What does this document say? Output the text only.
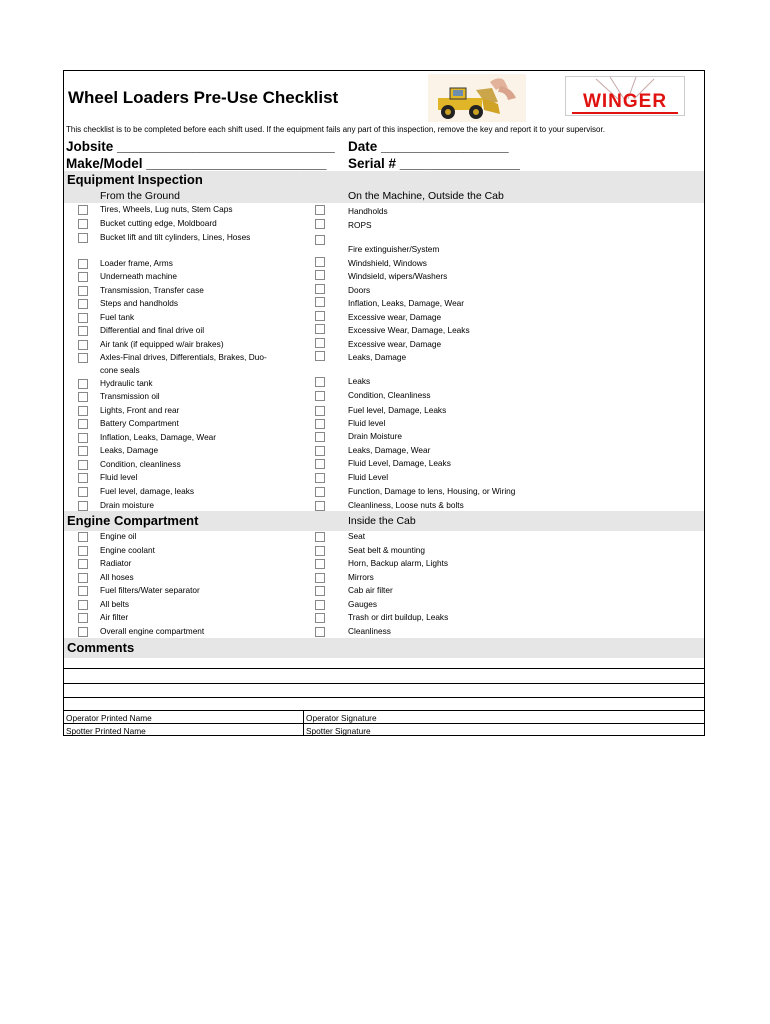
Wheel Loaders Pre-Use Checklist	WINGER
This checklist is to be completed before each shift used. If the equipment fails any part of this inspection, remove the key and report it to your supervisor.
Jobsite _____________________________ Date _________________
Make/Model ________________________ Serial # ________________
Equipment Inspection
From the Ground	On the Machine, Outside the Cab
Tires, Wheels, Lug nuts, Stem Caps
Bucket cutting edge, Moldboard
Bucket lift and tilt cylinders, Lines, Hoses
Loader frame, Arms
Underneath machine
Transmission, Transfer case
Steps and handholds
Fuel tank
Differential and final drive oil
Air tank (if equipped w/air brakes)
Axles-Final drives, Differentials, Brakes, Duo-
cone seals
Hydraulic tank
Transmission oil
Lights, Front and rear
Battery Compartment
Inflation, Leaks, Damage, Wear
Leaks, Damage
Condition, cleanliness
Fluid level
Fuel level, damage, leaks
Drain moisture
Handholds
ROPS
Fire extinguisher/System
Windshield, Windows
Windsield, wipers/Washers
Doors
Inflation, Leaks, Damage, Wear
Excessive wear, Damage
Excessive Wear, Damage, Leaks
Excessive wear, Damage
Leaks, Damage
Leaks
Condition, Cleanliness
Fuel level, Damage, Leaks
Fluid level
Drain Moisture
Leaks, Damage, Wear
Fluid Level, Damage, Leaks
Fluid Level
Function, Damage to lens, Housing, or Wiring
Cleanliness, Loose nuts & bolts
Engine Compartment	Inside the Cab
Engine oil
Engine coolant
Radiator
All hoses
Fuel filters/Water separator
All belts
Air filter
Overall engine compartment
Seat
Seat belt & mounting
Horn, Backup alarm, Lights
Mirrors
Cab air filter
Gauges
Trash or dirt buildup, Leaks
Cleanliness
Comments
Operator Printed Name	Operator Signature
Spotter Printed Name	Spotter Signature
